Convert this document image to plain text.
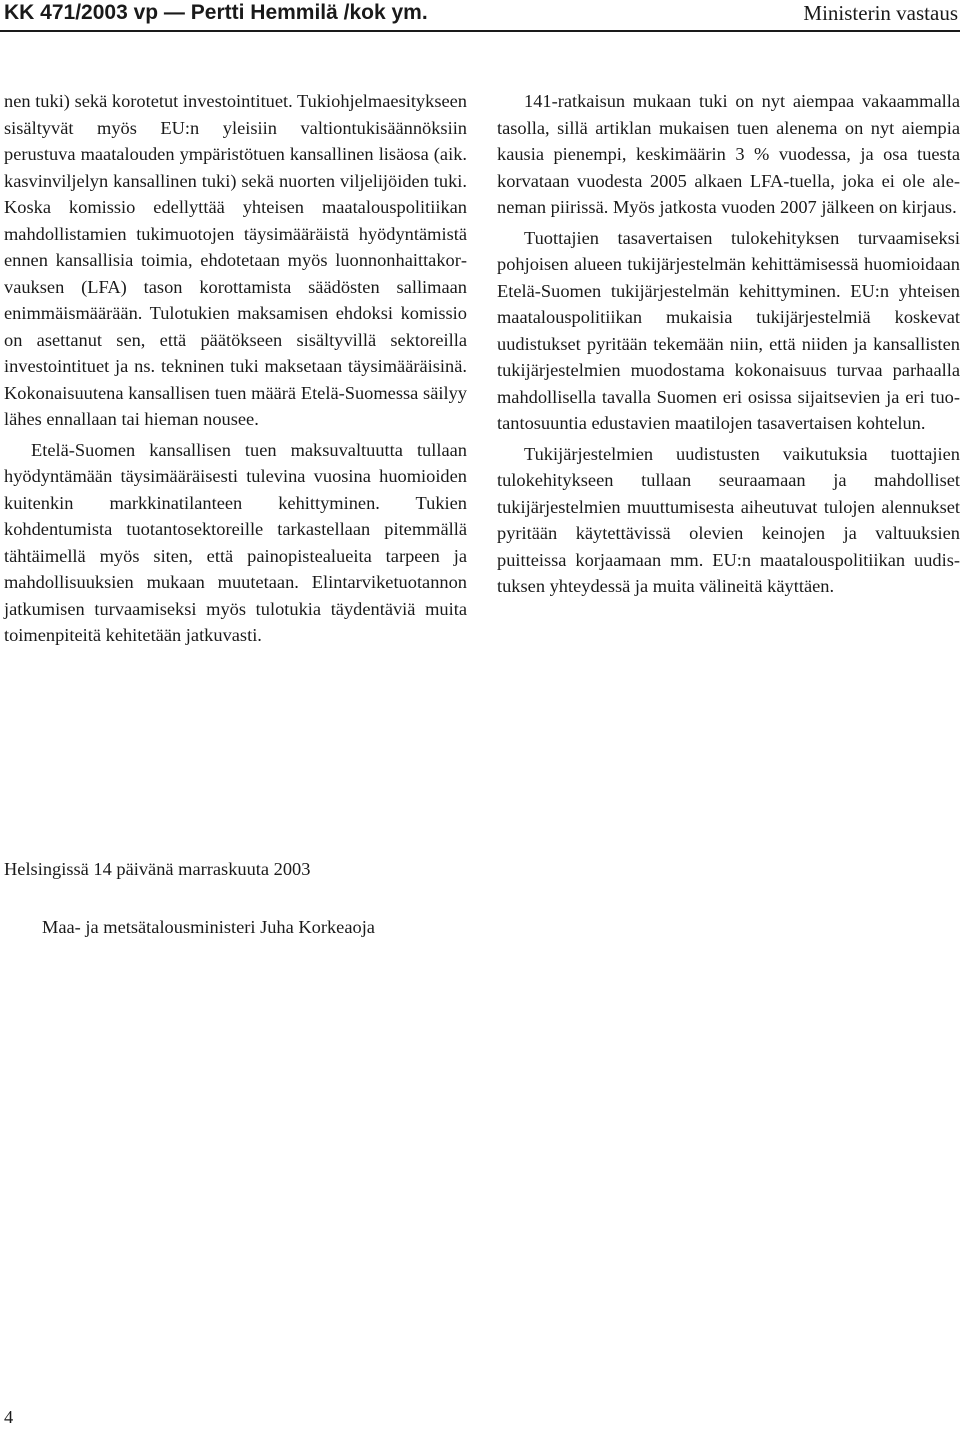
KK 471/2003 vp — Pertti Hemmilä /kok ym.	Ministerin vastaus

nen tuki) sekä korotetut investointituet. Tukiohjelmaesitykseen sisältyvät myös EU:n yleisiin valtiontukisäännöksiin perustuva maatalouden ympäristötuen kansallinen lisäosa (aik. kasvinviljelyn kansallinen tuki) sekä nuorten viljelijöiden tuki. Koska komissio edellyttää yhteisen maatalouspolitiikan mahdollistamien tukimuotojen täysimääräistä hyödyntämistä ennen kansallisia toimia, ehdotetaan myös luonnonhaittakorvauksen (LFA) tason korottamista säädösten sallimaan enimmäismäärään. Tulotukien maksamisen ehdoksi komissio on asettanut sen, että päätökseen sisältyvillä sektoreilla investointituet ja ns. tekninen tuki maksetaan täysimääräisinä. Kokonaisuutena kansallisen tuen määrä Etelä-Suomessa säilyy lähes ennallaan tai hieman nousee.

Etelä-Suomen kansallisen tuen maksuvaltuutta tullaan hyödyntämään täysimääräisesti tulevina vuosina huomioiden kuitenkin markkinatilanteen kehittyminen. Tukien kohdentumista tuotantosektoreille tarkastellaan pitemmällä tähtäimellä myös siten, että painopistealueita tarpeen ja mahdollisuuksien mukaan muutetaan. Elintarviketuotannon jatkumisen turvaamiseksi myös tulotukia täydentäviä muita toimenpiteitä kehitetään jatkuvasti.

141-ratkaisun mukaan tuki on nyt aiempaa vakaammalla tasolla, sillä artiklan mukaisen tuen alenema on nyt aiempia kausia pienempi, keskimäärin 3 % vuodessa, ja osa tuesta korvataan vuodesta 2005 alkaen LFA-tuella, joka ei ole aleneman piirissä. Myös jatkosta vuoden 2007 jälkeen on kirjaus.

Tuottajien tasavertaisen tulokehityksen turvaamiseksi pohjoisen alueen tukijärjestelmän kehittämisessä huomioidaan Etelä-Suomen tukijärjestelmän kehittyminen. EU:n yhteisen maatalouspolitiikan mukaisia tukijärjestelmiä koskevat uudistukset pyritään tekemään niin, että niiden ja kansallisten tukijärjestelmien muodostama kokonaisuus turvaa parhaalla mahdollisella tavalla Suomen eri osissa sijaitsevien ja eri tuotantosuuntia edustavien maatilojen tasavertaisen kohtelun.

Tukijärjestelmien uudistusten vaikutuksia tuottajien tulokehitykseen tullaan seuraamaan ja mahdolliset tukijärjestelmien muuttumisesta aiheutuvat tulojen alennukset pyritään käytettävissä olevien keinojen ja valtuuksien puitteissa korjaamaan mm. EU:n maatalouspolitiikan uudistuksen yhteydessä ja muita välineitä käyttäen.

Helsingissä 14 päivänä marraskuuta 2003
Maa- ja metsätalousministeri Juha Korkeaoja
4
